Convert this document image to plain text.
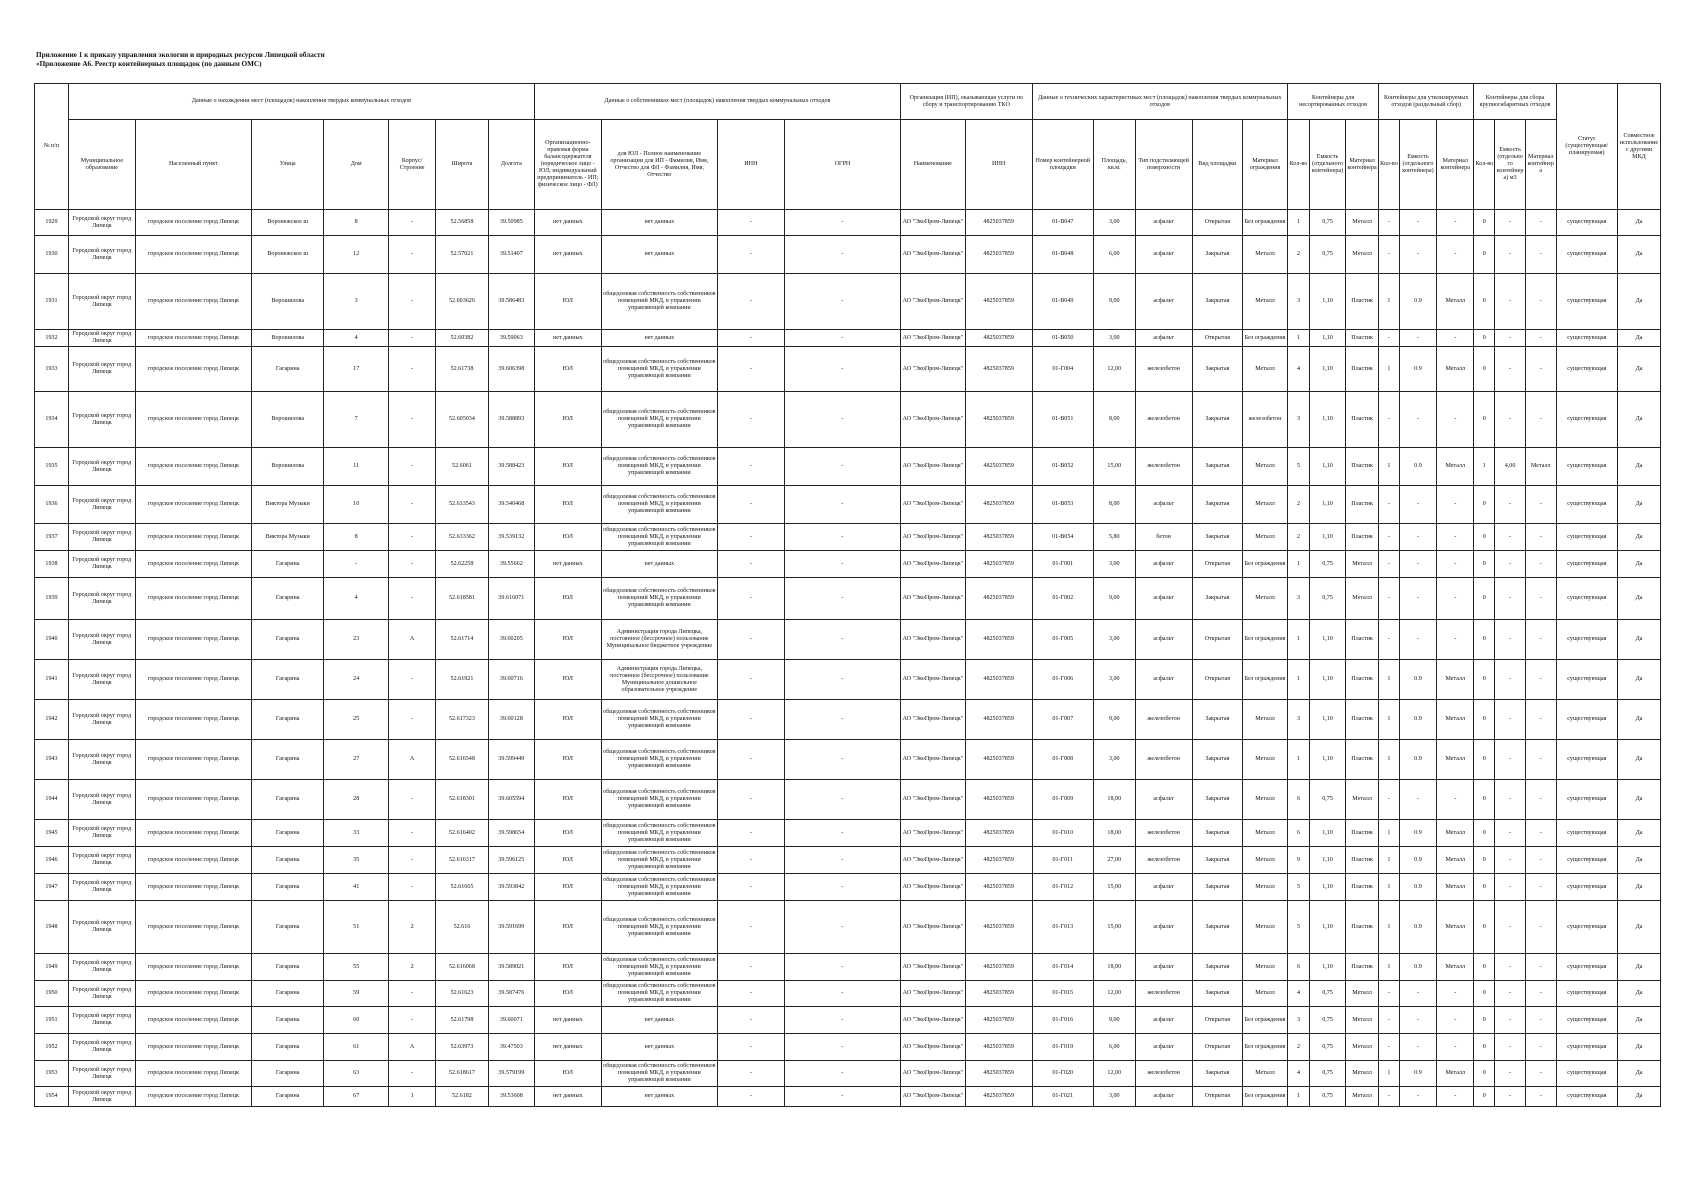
Приложение 1 к приказу управления экологии и природных ресурсов Липецкой области
«Приложение А6. Реестр контейнерных площадок (по данным ОМС)
№ п/п	Данные о нахождении мест (площадок) накопления твердых коммунальных отходов							Данные о собственниках мест (площадок) накопления твердых коммунальных отходов				Организация (ИП), оказывающая услуги по сбору и транспортированию ТКО		Данные о технических характеристиках мест (площадок) накопления твердых коммунальных отходов					Контейнеры для несортированных отходов			Контейнеры для утилизируемых отходов (раздельный сбор)			Контейнеры для сбора крупногабаритных отходов			Статус (существующая/ планируемая)	Совместное использование с другими МКД
	Муниципальное образование	Населенный пункт	Улица	Дом	Корпус/Строение	Широта	Долгота	Организационно-правовая форма балансодержателя (юридическое лицо - ЮЛ; индивидуальный предприниматель - ИП; физическое лицо - ФЛ)	для ЮЛ - Полное наименование организации для ИП - Фамилия, Имя, Отчество для ФЛ - Фамилия, Имя, Отчество	ИНН	ОГРН	Наименование	ИНН	Номер контейнерной площадки	Площадь, кв.м.	Тип подстилающей поверхности	Вид площадки	Материал ограждения	Кол-во	Емкость (отдельного контейнера)	Материал контейнера	Кол-во	Емкость (отдельного контейнера)	Материал контейнера	Кол-во	Емкость (отдельного контейнера) м3	Материал контейнера		
1929	Городской округ город Липецк	городское поселение город Липецк	Воронежское ш	8	-	52.56858	39.50985	нет данных	нет данных	-	-	АО "ЭкоПром-Липецк"	4825037859	01-В047	3,00	асфальт	Открытая	Без ограждения	1	0,75	Металл	-	-	-	0	-	-	существующая	Да
1930	Городской округ город Липецк	городское поселение город Липецк	Воронежское ш	12	-	52.57021	39.51407	нет данных	нет данных	-	-	АО "ЭкоПром-Липецк"	4825037859	01-В048	6,00	асфальт	Закрытая	Металл	2	0,75	Металл	-	-	-	0	-	-	существующая	Да
1931	Городской округ город Липецк	городское поселение город Липецк	Ворошилова	3	-	52.603626	39.586483	ЮЛ	общедолевая собственность собственников помещений МКД, в управлении управляющей компании	-	-	АО "ЭкоПром-Липецк"	4825037859	01-В049	9,00	асфальт	Закрытая	Металл	3	1,10	Пластик	1	0.9	Металл	0	-	-	существующая	Да
1932	Городской округ город Липецк	городское поселение город Липецк	Ворошилова	4	-	52.60382	39.59063	нет данных	нет данных	-	-	АО "ЭкоПром-Липецк"	4825037859	01-В050	3,00	асфальт	Открытая	Без ограждения	1	1,10	Пластик	-	-	-	0	-	-	существующая	Да
1933	Городской округ город Липецк	городское поселение город Липецк	Гагарина	17	-	52.61738	39.606398	ЮЛ	общедолевая собственность собственников помещений МКД, в управлении управляющей компании	-	-	АО "ЭкоПром-Липецк"	4825037859	01-Г004	12,00	железобетон	Закрытая	Металл	4	1,10	Пластик	1	0.9	Металл	0	-	-	существующая	Да
1934	Городской округ город Липецк	городское поселение город Липецк	Ворошилова	7	-	52.605034	39.588893	ЮЛ	общедолевая собственность собственников помещений МКД, в управлении управляющей компании	-	-	АО "ЭкоПром-Липецк"	4825037859	01-В051	8,00	железобетон	Закрытая	железобетон	3	1,10	Пластик	-	-	-	0	-	-	существующая	Да
1935	Городской округ город Липецк	городское поселение город Липецк	Ворошилова	11	-	52.6061	39.588423	ЮЛ	общедолевая собственность собственников помещений МКД, в управлении управляющей компании	-	-	АО "ЭкоПром-Липецк"	4825037859	01-В052	15,00	железобетон	Закрытая	Металл	5	1,10	Пластик	1	0.9	Металл	1	4,00	Металл	существующая	Да
1936	Городской округ город Липецк	городское поселение город Липецк	Виктора Музыки	10	-	52.633543	39.540468	ЮЛ	общедолевая собственность собственников помещений МКД, в управлении управляющей компании	-	-	АО "ЭкоПром-Липецк"	4825037859	01-В053	8,00	асфальт	Закрытая	Металл	2	1,10	Пластик	-	-	-	0	-	-	существующая	Да
1937	Городской округ город Липецк	городское поселение город Липецк	Виктора Музыки	8	-	52.633362	39.539132	ЮЛ	общедолевая собственность собственников помещений МКД, в управлении управляющей компании	-	-	АО "ЭкоПром-Липецк"	4825037859	01-В054	5,80	бетон	Закрытая	Металл	2	1,10	Пластик	-	-	-	0	-	-	существующая	Да
1938	Городской округ город Липецк	городское поселение город Липецк	Гагарина	-	-	52.62258	39.55662	нет данных	нет данных	-	-	АО "ЭкоПром-Липецк"	4825037859	01-Г001	3,00	асфальт	Открытая	Без ограждения	1	0,75	Металл	-	-	-	0	-	-	существующая	Да
1939	Городской округ город Липецк	городское поселение город Липецк	Гагарина	4	-	52.618581	39.616071	ЮЛ	общедолевая собственность собственников помещений МКД, в управлении управляющей компании	-	-	АО "ЭкоПром-Липецк"	4825037859	01-Г002	9,00	асфальт	Закрытая	Металл	3	0,75	Металл	-	-	-	0	-	-	существующая	Да
1940	Городской округ город Липецк	городское поселение город Липецк	Гагарина	23	А	52.61714	39.60205	ЮЛ	Администрация города Липецка, постоянное (бессрочное) пользование Муниципальное бюджетное учреждение	-	-	АО "ЭкоПром-Липецк"	4825037859	01-Г005	3,00	асфальт	Открытая	Без ограждения	1	1,10	Пластик	-	-	-	0	-	-	существующая	Да
1941	Городской округ город Липецк	городское поселение город Липецк	Гагарина	24	-	52.61921	39.60716	ЮЛ	Администрация города Липецка, постоянное (бессрочное) пользование Муниципальное дошкольное образовательное учреждение	-	-	АО "ЭкоПром-Липецк"	4825037859	01-Г006	3,00	асфальт	Открытая	Без ограждения	1	1,10	Пластик	1	0.9	Металл	0	-	-	существующая	Да
1942	Городской округ город Липецк	городское поселение город Липецк	Гагарина	25	-	52.617323	39.60128	ЮЛ	общедолевая собственность собственников помещений МКД, в управлении управляющей компании	-	-	АО "ЭкоПром-Липецк"	4825037859	01-Г007	9,00	железобетон	Закрытая	Металл	3	1,10	Пластик	1	0.9	Металл	0	-	-	существующая	Да
1943	Городской округ город Липецк	городское поселение город Липецк	Гагарина	27	А	52.616548	39.599449	ЮЛ	общедолевая собственность собственников помещений МКД, в управлении управляющей компании	-	-	АО "ЭкоПром-Липецк"	4825037859	01-Г008	3,00	железобетон	Закрытая	Металл	1	1,10	Пластик	1	0.9	Металл	0	-	-	существующая	Да
1944	Городской округ город Липецк	городское поселение город Липецк	Гагарина	28	-	52.618301	39.605594	ЮЛ	общедолевая собственность собственников помещений МКД, в управлении управляющей компании	-	-	АО "ЭкоПром-Липецк"	4825037859	01-Г009	18,00	асфальт	Закрытая	Металл	6	0,75	Металл	-	-	-	0	-	-	существующая	Да
1945	Городской округ город Липецк	городское поселение город Липецк	Гагарина	33	-	52.616402	39.598654	ЮЛ	общедолевая собственность собственников помещений МКД, в управлении управляющей компании	-	-	АО "ЭкоПром-Липецк"	4825037859	01-Г010	18,00	железобетон	Закрытая	Металл	6	1,10	Пластик	1	0.9	Металл	0	-	-	существующая	Да
1946	Городской округ город Липецк	городское поселение город Липецк	Гагарина	35	-	52.616317	39.596125	ЮЛ	общедолевая собственность собственников помещений МКД, в управлении управляющей компании	-	-	АО "ЭкоПром-Липецк"	4825037859	01-Г011	27,00	железобетон	Закрытая	Металл	9	1,10	Пластик	1	0.9	Металл	0	-	-	существующая	Да
1947	Городской округ город Липецк	городское поселение город Липецк	Гагарина	41	-	52.61665	39.593842	ЮЛ	общедолевая собственность собственников помещений МКД, в управлении управляющей компании	-	-	АО "ЭкоПром-Липецк"	4825037859	01-Г012	15,00	асфальт	Закрытая	Металл	5	1,10	Пластик	1	0.9	Металл	0	-	-	существующая	Да
1948	Городской округ город Липецк	городское поселение город Липецк	Гагарина	51	2	52.616	39.591699	ЮЛ	общедолевая собственность собственников помещений МКД, в управлении управляющей компании	-	-	АО "ЭкоПром-Липецк"	4825037859	01-Г013	15,00	асфальт	Закрытая	Металл	5	1,10	Пластик	1	0.9	Металл	0	-	-	существующая	Да
1949	Городской округ город Липецк	городское поселение город Липецк	Гагарина	55	2	52.616068	39.589021	ЮЛ	общедолевая собственность собственников помещений МКД, в управлении управляющей компании	-	-	АО "ЭкоПром-Липецк"	4825037859	01-Г014	18,00	асфальт	Закрытая	Металл	6	1,10	Пластик	1	0.9	Металл	0	-	-	существующая	Да
1950	Городской округ город Липецк	городское поселение город Липецк	Гагарина	59	-	52.61623	39.587476	ЮЛ	общедолевая собственность собственников помещений МКД, в управлении управляющей компании	-	-	АО "ЭкоПром-Липецк"	4825037859	01-Г015	12,00	железобетон	Закрытая	Металл	4	0,75	Металл	-	-	-	0	-	-	существующая	Да
1951	Городской округ город Липецк	городское поселение город Липецк	Гагарина	60	-	52.61798	39.60071	нет данных	нет данных	-	-	АО "ЭкоПром-Липецк"	4825037859	01-Г016	9,00	асфальт	Открытая	Без ограждения	3	0,75	Металл	-	-	-	0	-	-	существующая	Да
1952	Городской округ город Липецк	городское поселение город Липецк	Гагарина	61	А	52.63973	39.47503	нет данных	нет данных	-	-	АО "ЭкоПром-Липецк"	4825037859	01-Г019	6,00	асфальт	Открытая	Без ограждения	2	0,75	Металл	-	-	-	0	-	-	существующая	Да
1953	Городской округ город Липецк	городское поселение город Липецк	Гагарина	63	-	52.618617	39.579199	ЮЛ	общедолевая собственность собственников помещений МКД, в управлении управляющей компании	-	-	АО "ЭкоПром-Липецк"	4825037859	01-Г020	12,00	железобетон	Закрытая	Металл	4	0,75	Металл	1	0.9	Металл	0	-	-	существующая	Да
1954	Городской округ город Липецк	городское поселение город Липецк	Гагарина	67	1	52.6182	39.53608	нет данных	нет данных	-	-	АО "ЭкоПром-Липецк"	4825037859	01-Г021	3,00	асфальт	Открытая	Без ограждения	1	0,75	Металл	-	-	-	0	-	-	существующая	Да
